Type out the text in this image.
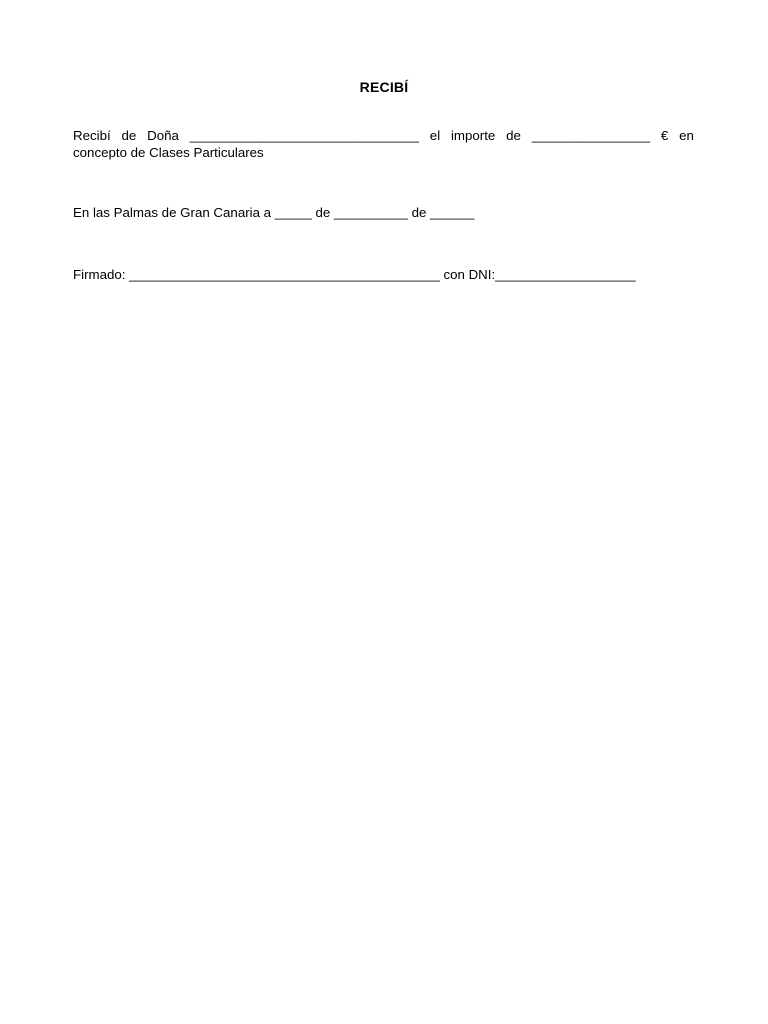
RECIBÍ
Recibí de Doña _______________________________ el importe de ________________ € en
concepto de Clases Particulares
En las Palmas de Gran Canaria a _____ de __________ de ______
Firmado: __________________________________________ con DNI:___________________
